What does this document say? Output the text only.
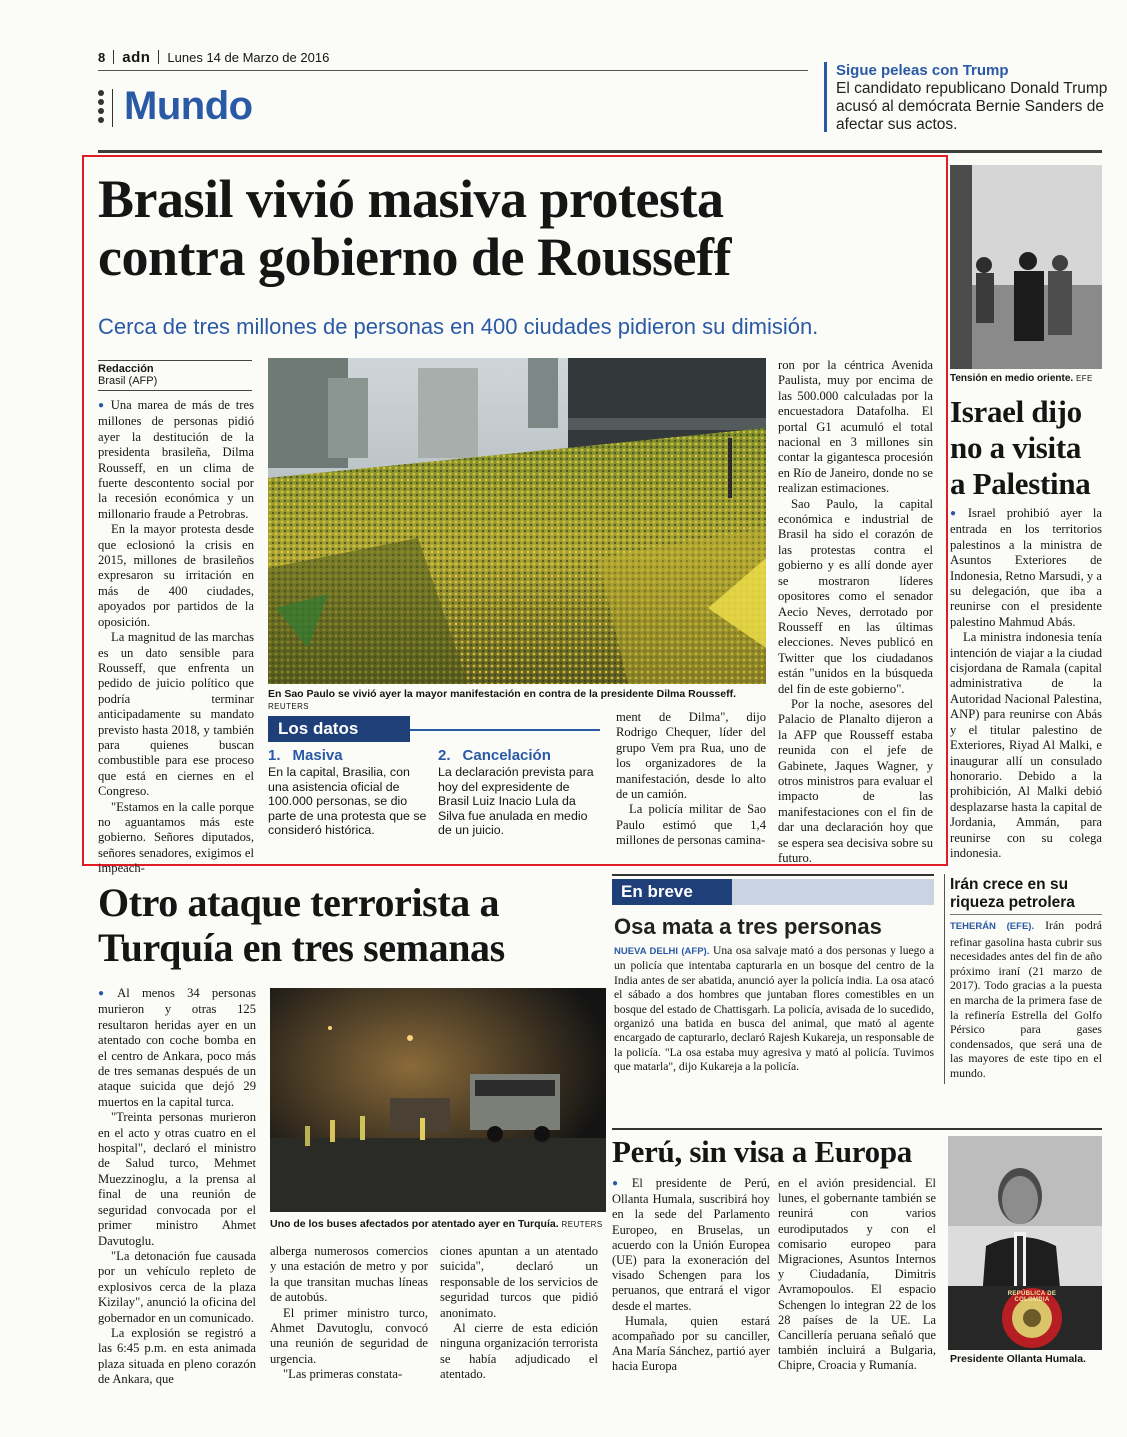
8 adn Lunes 14 de Marzo de 2016
Mundo
Sigue peleas con Trump
El candidato republicano Donald Trump acusó al demócrata Bernie Sanders de afectar sus actos.
Brasil vivió masiva protesta
contra gobierno de Rousseff
Cerca de tres millones de personas en 400 ciudades pidieron su dimisión.
Redacción
Brasil (AFP)

● Una marea de más de tres millones de personas pidió ayer la destitución de la presidenta brasileña, Dilma Rousseff, en un clima de fuerte descontento social por la recesión económica y un millonario fraude a Petrobras.

En la mayor protesta desde que eclosionó la crisis en 2015, millones de brasileños expresaron su irritación en más de 400 ciudades, apoyados por partidos de la oposición.

La magnitud de las marchas es un dato sensible para Rousseff, que enfrenta un pedido de juicio político que podría terminar anticipadamente su mandato previsto hasta 2018, y también para quienes buscan combustible para ese proceso que está en ciernes en el Congreso.

"Estamos en la calle porque no aguantamos más este gobierno. Señores diputados, señores senadores, exigimos el impeach-

En Sao Paulo se vivió ayer la mayor manifestación en contra de la presidente Dilma Rousseff. REUTERS
Los datos
1. Masiva
En la capital, Brasilia, con una asistencia oficial de 100.000 personas, se dio parte de una protesta que se consideró histórica.
2. Cancelación
La declaración prevista para hoy del expresidente de Brasil Luiz Inacio Lula da Silva fue anulada en medio de un juicio.

ment de Dilma", dijo Rodrigo Chequer, líder del grupo Vem pra Rua, uno de los organizadores de la manifestación, desde lo alto de un camión.

La policía militar de Sao Paulo estimó que 1,4 millones de personas camina-

ron por la céntrica Avenida Paulista, muy por encima de las 500.000 calculadas por la encuestadora Datafolha. El portal G1 acumuló el total nacional en 3 millones sin contar la gigantesca procesión en Río de Janeiro, donde no se realizan estimaciones.

Sao Paulo, la capital económica e industrial de Brasil ha sido el corazón de las protestas contra el gobierno y es allí donde ayer se mostraron líderes opositores como el senador Aecio Neves, derrotado por Rousseff en las últimas elecciones. Neves publicó en Twitter que los ciudadanos están "unidos en la búsqueda del fin de este gobierno".

Por la noche, asesores del Palacio de Planalto dijeron a la AFP que Rousseff estaba reunida con el jefe de Gabinete, Jaques Wagner, y otros ministros para evaluar el impacto de las manifestaciones con el fin de dar una declaración hoy que se espera sea decisiva sobre su futuro.

Tensión en medio oriente. EFE
Israel dijo
no a visita
a Palestina

● Israel prohibió ayer la entrada en los territorios palestinos a la ministra de Asuntos Exteriores de Indonesia, Retno Marsudi, y a su delegación, que iba a reunirse con el presidente palestino Mahmud Abás.

La ministra indonesia tenía intención de viajar a la ciudad cisjordana de Ramala (capital administrativa de la Autoridad Nacional Palestina, ANP) para reunirse con Abás y el titular palestino de Exteriores, Riyad Al Malki, e inaugurar allí un consulado honorario. Debido a la prohibición, Al Malki debió desplazarse hasta la capital de Jordania, Ammán, para reunirse con su colega indonesia.

Otro ataque terrorista a
Turquía en tres semanas

● Al menos 34 personas murieron y otras 125 resultaron heridas ayer en un atentado con coche bomba en el centro de Ankara, poco más de tres semanas después de un ataque suicida que dejó 29 muertos en la capital turca.

"Treinta personas murieron en el acto y otras cuatro en el hospital", declaró el ministro de Salud turco, Mehmet Muezzinoglu, a la prensa al final de una reunión de seguridad convocada por el primer ministro Ahmet Davutoglu.

"La detonación fue causada por un vehículo repleto de explosivos cerca de la plaza Kizilay", anunció la oficina del gobernador en un comunicado.

La explosión se registró a las 6:45 p.m. en esta animada plaza situada en pleno corazón de Ankara, que

Uno de los buses afectados por atentado ayer en Turquía. REUTERS

alberga numerosos comercios y una estación de metro y por la que transitan muchas líneas de autobús.

El primer ministro turco, Ahmet Davutoglu, convocó una reunión de seguridad de urgencia.

"Las primeras constata-

ciones apuntan a un atentado suicida", declaró un responsable de los servicios de seguridad turcos que pidió anonimato.

Al cierre de esta edición ninguna organización terrorista se había adjudicado el atentado.

En breve
Osa mata a tres personas
NUEVA DELHI (AFP). Una osa salvaje mató a dos personas y luego a un policía que intentaba capturarla en un bosque del centro de la India antes de ser abatida, anunció ayer la policía india. La osa atacó el sábado a dos hombres que juntaban flores comestibles en un bosque del estado de Chattisgarh. La policía, avisada de lo sucedido, organizó una batida en busca del animal, que mató al agente encargado de capturarlo, declaró Rajesh Kukareja, un responsable de la policía. "La osa estaba muy agresiva y mató al policía. Tuvimos que matarla", dijo Kukareja a la policía.
Irán crece en su
riqueza petrolera
TEHERÁN (EFE). Irán podrá refinar gasolina hasta cubrir sus necesidades antes del fin de año próximo iraní (21 marzo de 2017). Todo gracias a la puesta en marcha de la primera fase de la refinería Estrella del Golfo Pérsico para gases condensados, que será una de las mayores de este tipo en el mundo.
Perú, sin visa a Europa

● El presidente de Perú, Ollanta Humala, suscribirá hoy en la sede del Parlamento Europeo, en Bruselas, un acuerdo con la Unión Europea (UE) para la exoneración del visado Schengen para los peruanos, que entrará el vigor desde el martes.

Humala, quien estará acompañado por su canciller, Ana María Sánchez, partió ayer hacia Europa

en el avión presidencial. El lunes, el gobernante también se reunirá con varios eurodiputados y con el comisario europeo para Migraciones, Asuntos Internos y Ciudadanía, Dimitris Avramopoulos. El espacio Schengen lo integran 22 de los 28 países de la UE. La Cancillería peruana señaló que también incluirá a Bulgaria, Chipre, Croacia y Rumanía.

REPÚBLICA DE COLOMBIA
Presidente Ollanta Humala.
